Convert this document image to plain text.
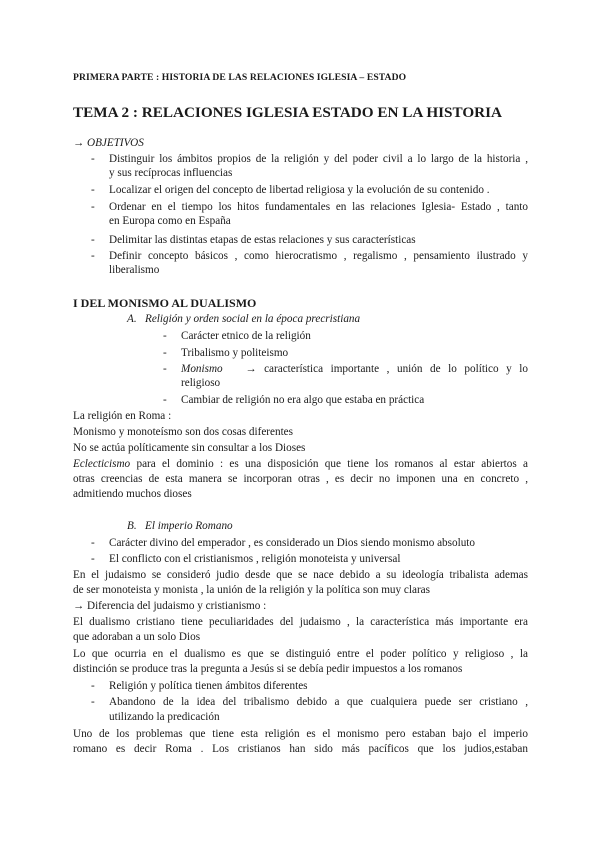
PRIMERA PARTE : HISTORIA DE LAS RELACIONES IGLESIA – ESTADO
TEMA 2 : RELACIONES IGLESIA ESTADO EN LA HISTORIA
→ OBJETIVOS
- Distinguir los ámbitos propios de la religión y del poder civil a lo largo de la historia ,
y sus recíprocas influencias
- Localizar el origen del concepto de libertad religiosa y la evolución de su contenido .
- Ordenar en el tiempo los hitos fundamentales en las relaciones Iglesia- Estado , tanto
en Europa como en España
- Delimitar las distintas etapas de estas relaciones y sus características
- Definir concepto básicos , como hierocratismo , regalismo , pensamiento ilustrado y
liberalismo
I DEL MONISMO AL DUALISMO
A. Religión y orden social en la época precristiana
- Carácter etnico de la religión
- Tribalismo y politeismo
- Monismo → característica importante , unión de lo político y lo
religioso
- Cambiar de religión no era algo que estaba en práctica
La religión en Roma :
Monismo y monoteísmo son dos cosas diferentes
No se actúa políticamente sin consultar a los Dioses
Eclecticismo para el dominio : es una disposición que tiene los romanos al estar abiertos a
otras creencias de esta manera se incorporan otras , es decir no imponen una en concreto ,
admitiendo muchos dioses
B. El imperio Romano
- Carácter divino del emperador , es considerado un Dios siendo monismo absoluto
- El conflicto con el cristianismos , religión monoteista y universal
En el judaismo se consideró judio desde que se nace debido a su ideología tribalista ademas
de ser monoteista y monista , la unión de la religión y la política son muy claras
→ Diferencia del judaismo y cristianismo :
El dualismo cristiano tiene peculiaridades del judaismo , la característica más importante era
que adoraban a un solo Dios
Lo que ocurria en el dualismo es que se distinguió entre el poder político y religioso , la
distinción se produce tras la pregunta a Jesús si se debía pedir impuestos a los romanos
- Religión y política tienen ámbitos diferentes
- Abandono de la idea del tribalismo debido a que cualquiera puede ser cristiano ,
utilizando la predicación
Uno de los problemas que tiene esta religión es el monismo pero estaban bajo el imperio
romano es decir Roma . Los cristianos han sido más pacíficos que los judios,estaban
